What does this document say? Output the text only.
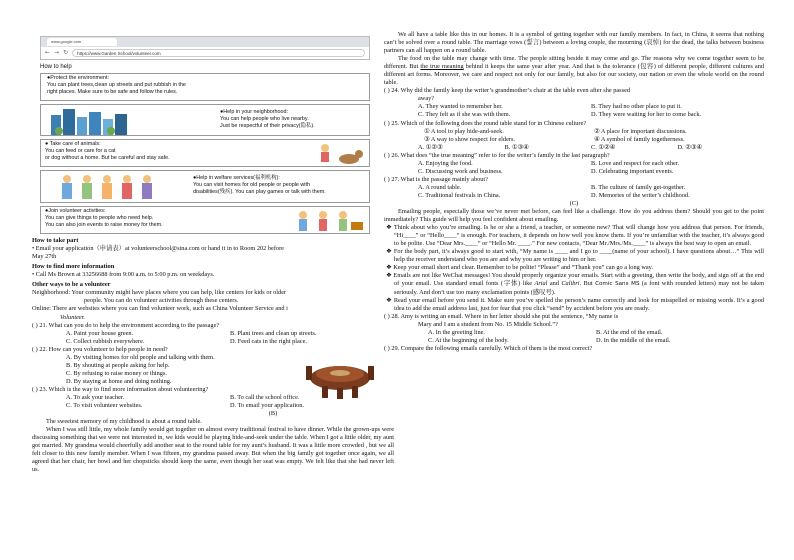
www.google.com
← → ↻	https://www.Garden School/volunteer.com
How to help
●Protect the environment:
You can plant trees,clean up streets and put rubbish in the
right places. Make sure to be safe and follow the rules.
●Help in your neighborhood:
You can help people who live nearby.
Just be respectful of their privacy(隐私).
● Take care of animals:
You can feed or care for a cat
or dog without a home. But be careful and stay safe.
●Help in welfare services(福利机构):
You can visit homes for old people or people with
disabilities(残疾). You can play games or talk with them.
●Join volunteer activities:
You can give things to people who need help.
You can also join events to raise money for them.
How to take part
• Email your application（申请表）at volunteerschool@sina.com or hand it in to Room 202 before
May 27th
How to find more information
• Call Ms Brown at 33256688 from 9:00 a.m. to 5:00 p.m. on weekdays.
Other ways to be a volunteer
Neighborhood: Your community might have places where you can help, like centers for kids or older
people. You can do volunteer activities through these centers.
Online: There are websites where you can find volunteer work, such as China Volunteer Service and i
Volunteer.
( ) 21. What can you do to help the environment according to the passage?
A. Paint your house green.	B. Plant trees and clean up streets.
C. Collect rubbish everywhere.	D. Feed cats in the right place.
( ) 22. How can you volunteer to help people in need?
A. By visiting homes for old people and talking with them.
B. By shouting at people asking for help.
C. By refusing to raise money or things.
D. By staying at home and doing nothing.
( ) 23. Which is the way to find more information about volunteering?
A. To ask your teacher.	B. To call the school office.
C. To visit volunteer websites.	D. To email your application.
(B)
The sweetest memory of my childhood is about a round table.
When I was still little, my whole family would get together on almost every traditional festival to have dinner. While the grown-ups were discussing something that we were not interested in, we kids would be playing hide-and-seek under the table. When I got a little older, my aunt got married. My grandma would cheerfully add another seat to the round table for my aunt’s husband. It was a little more crowded , but we all felt closer to this new family member. When I was fifteen, my grandma passed away. But when the big family got together once again, we all agreed that her chair, her bowl and her chopsticks should keep the same, even though her seat was empty. We felt like that she had never left us.
We all have a table like this in our homes. It is a symbol of getting together with our family members. In fact, in China, it seems that nothing can’t be solved over a round table. The marriage vows (誓言) between a loving couple, the mourning (哀悼) for the dead, the talks between business partners can all happen on a round table.
The food on the table may change with time. The people sitting beside it may come and go. The reasons why we come together seem to be different. But the true meaning behind it keeps the same year after year. And that is the tolerance (包容) of different people, different cultures and different art forms. Moreover, we care and respect not only for our family, but also for our society, our nation or even the whole world on the round table.
( ) 24. Why did the family keep the writer’s grandmother’s chair at the table even after she passed
away?
A. They wanted to remember her.	B. They had no other place to put it.
C. They felt as if she was with them.	D. They were waiting for her to come back.
( ) 25. Which of the following does the round table stand for in Chinese culture?
① A tool to play hide-and-seek.	② A place for important discussions.
③ A way to show respect for elders.	④ A symbol of family togetherness.
A. ①②③	B. ①③④	C. ①②④	D. ②③④
( ) 26. What does “the true meaning” refer to for the writer’s family in the last paragraph?
A. Enjoying the food.	B. Love and respect for each other.
C. Discussing work and business.	D. Celebrating important events.
( ) 27. What is the passage mainly about?
A. A round table.	B. The culture of family get-together.
C. Traditional festivals in China.	D. Memories of the writer’s childhood.
(C)
Emailing people, especially those we’ve never met before, can feel like a challenge. How do you address them? Should you get to the point immediately? This guide will help you feel confident about emailing.
❖ Think about who you’re emailing. Is he or she a friend, a teacher, or someone new? That will change how you address that person. For friends, “Hi____” or “Hello____” is enough. For teachers, it depends on how well you know them. If you’re unfamiliar with the teacher, it’s always good to be polite. Use “Dear Mrs.____” or “Hello Mr. ____.” For new contacts, “Dear Mr./Mrs./Ms.____” is always the best way to open an email.
❖ For the body part, it’s always good to start with, “My name is ____ and I go to ____(name of your school). I have questions about…” This will help the receiver understand who you are and why you are writing to him or her.
❖ Keep your email short and clear. Remember to be polite! “Please” and “Thank you” can go a long way.
❖ Emails are not like WeChat messages! You should properly organize your emails. Start with a greeting, then write the body, and sign off at the end of your email. Use standard email fonts (字体) like Arial and Calibri. But Comic Sans MS (a font with rounded letters) may not be taken seriously. And don’t use too many exclamation points (感叹号).
❖ Read your email before you send it. Make sure you’ve spelled the person’s name correctly and look for misspelled or missing words. It’s a good idea to add the email address last, just for fear that you click “send” by accident before you are ready.
( ) 28. Amy is writing an email. Where in her letter should she put the sentence, “My name is
Mary and I am a student from No. 15 Middle School.”?
A. In the greeting line.	B. At the end of the email.
C. At the beginning of the body.	D. In the middle of the email.
( ) 29. Compare the following emails carefully. Which of them is the most correct?
